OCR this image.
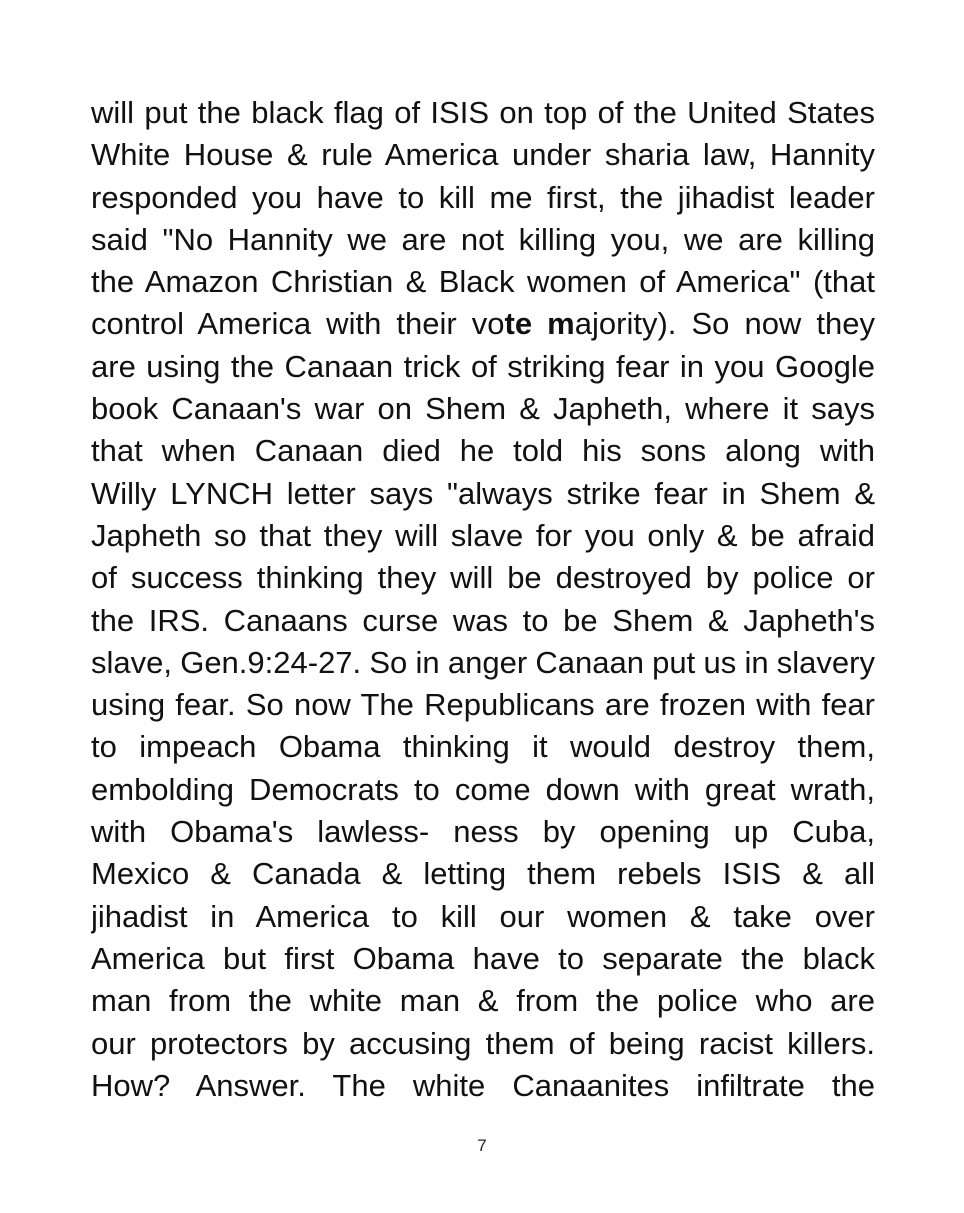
will put the black flag of ISIS on top of the United States
White House & rule America under sharia law, Hannity
responded you have to kill me first, the jihadist leader
said "No Hannity we are not killing you, we are killing
the Amazon Christian & Black women of America" (that
control America with their vote majority). So now they
are using the Canaan trick of striking fear in you Google
book Canaan's war on Shem & Japheth, where it says
that when Canaan died he told his sons along with
Willy LYNCH letter says "always strike fear in Shem &
Japheth so that they will slave for you only & be afraid
of success thinking they will be destroyed by police or
the IRS. Canaans curse was to be Shem & Japheth's
slave, Gen.9:24-27. So in anger Canaan put us in slavery
using fear. So now The Republicans are frozen with fear
to impeach Obama thinking it would destroy them,
embolding Democrats to come down with great wrath,
with Obama's lawless- ness by opening up Cuba,
Mexico & Canada & letting them rebels ISIS & all
jihadist in America to kill our women & take over
America but first Obama have to separate the black
man from the white man & from the police who are
our protectors by accusing them of being racist killers.
How? Answer. The white Canaanites infiltrate the
7
